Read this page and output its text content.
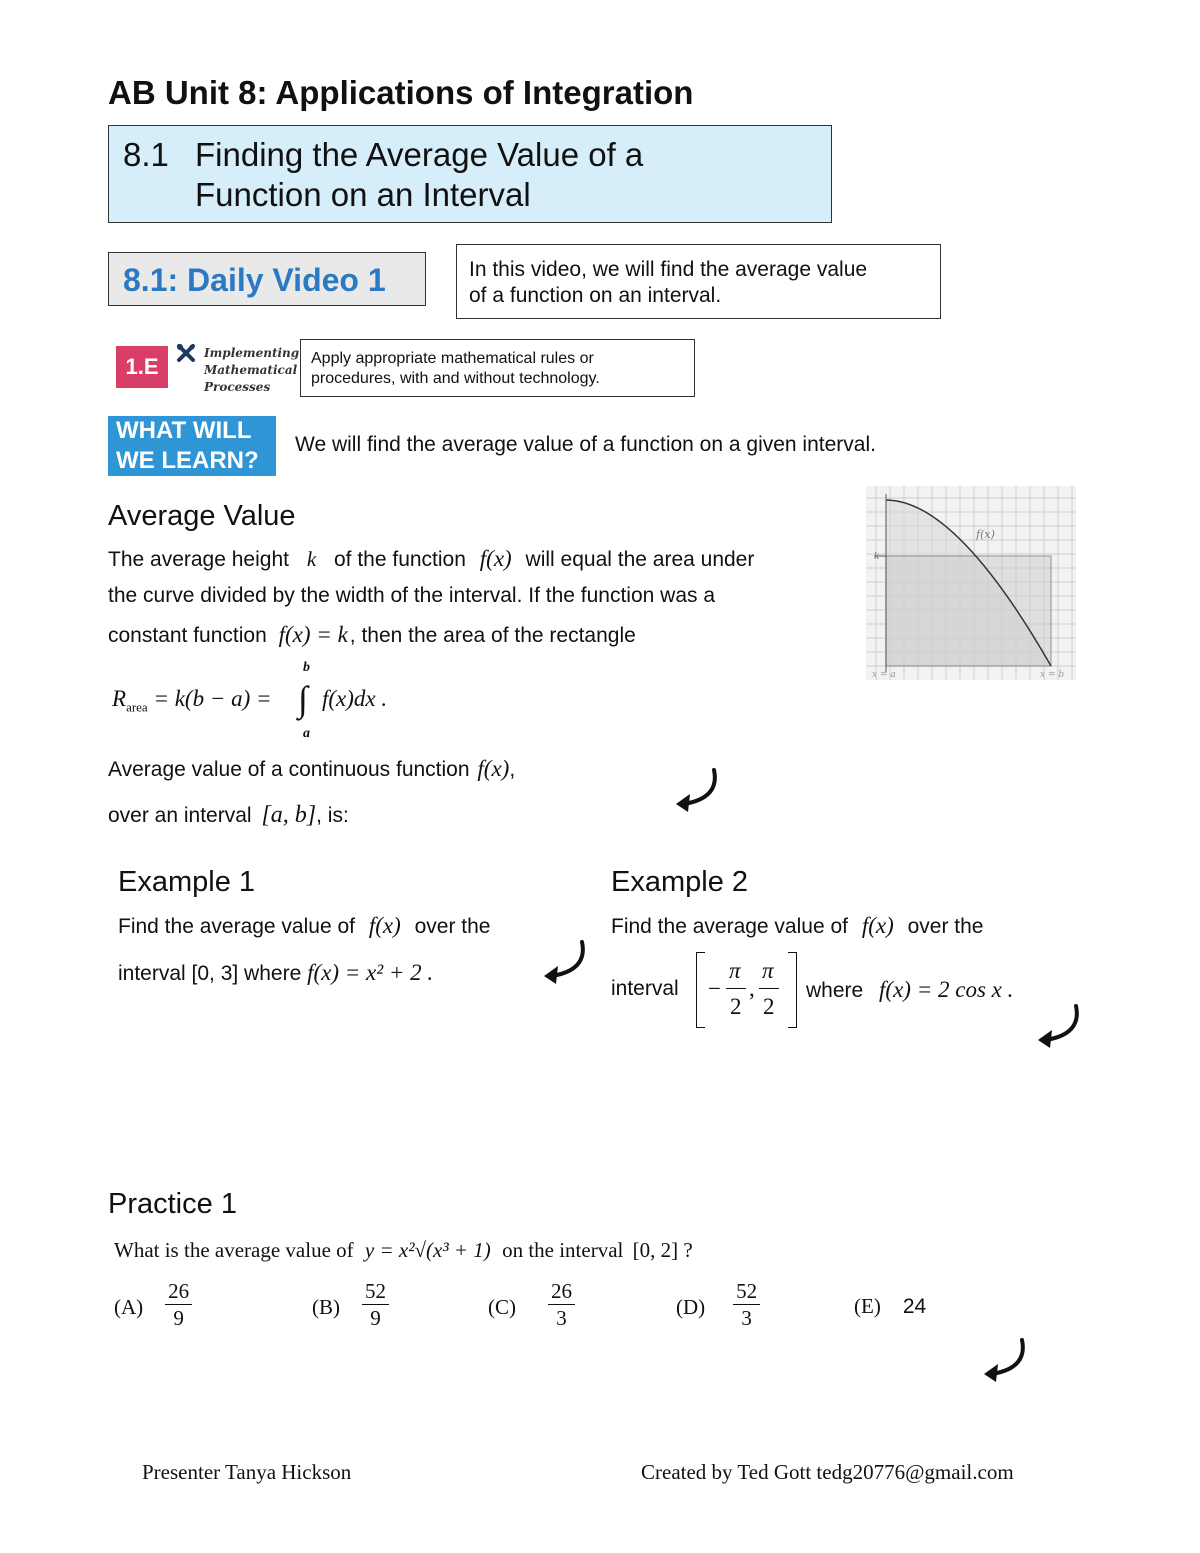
AB Unit 8: Applications of Integration
8.1 Finding the Average Value of a
Function on an Interval
8.1: Daily Video 1	In this video, we will find the average value
of a function on an interval.
1.E
Implementing
Mathematical
Processes
Apply appropriate mathematical rules or
procedures, with and without technology.
WHAT WILL
WE LEARN?
We will find the average value of a function on a given interval.
Average Value
The average height k of the function f(x) will equal the area under
the curve divided by the width of the interval. If the function was a
constant function f(x) = k, then the area of the rectangle
$R_{area} = k(b - a)$ =
b
∫
a
f(x)dx .
Average value of a continuous function f(x),
over an interval [a, b], is:
f(x)
k
x = a	x = b
Example 1
Find the average value of f(x) over the
interval [0, 3] where f(x) = x² + 2 .
Example 2
Find the average value of f(x) over the
interval −
π
2
,
π
2
where f(x) = 2 cos x .
Practice 1
What is the average value of y = x²√(x³ + 1) on the interval [0, 2] ?
$(A) \frac{26}{9}$	$(B) \frac{52}{9}$	$(C) \frac{26}{3}$	$(D) \frac{52}{3}$	(E) 24
Presenter Tanya Hickson	Created by Ted Gott tedg20776@gmail.com
